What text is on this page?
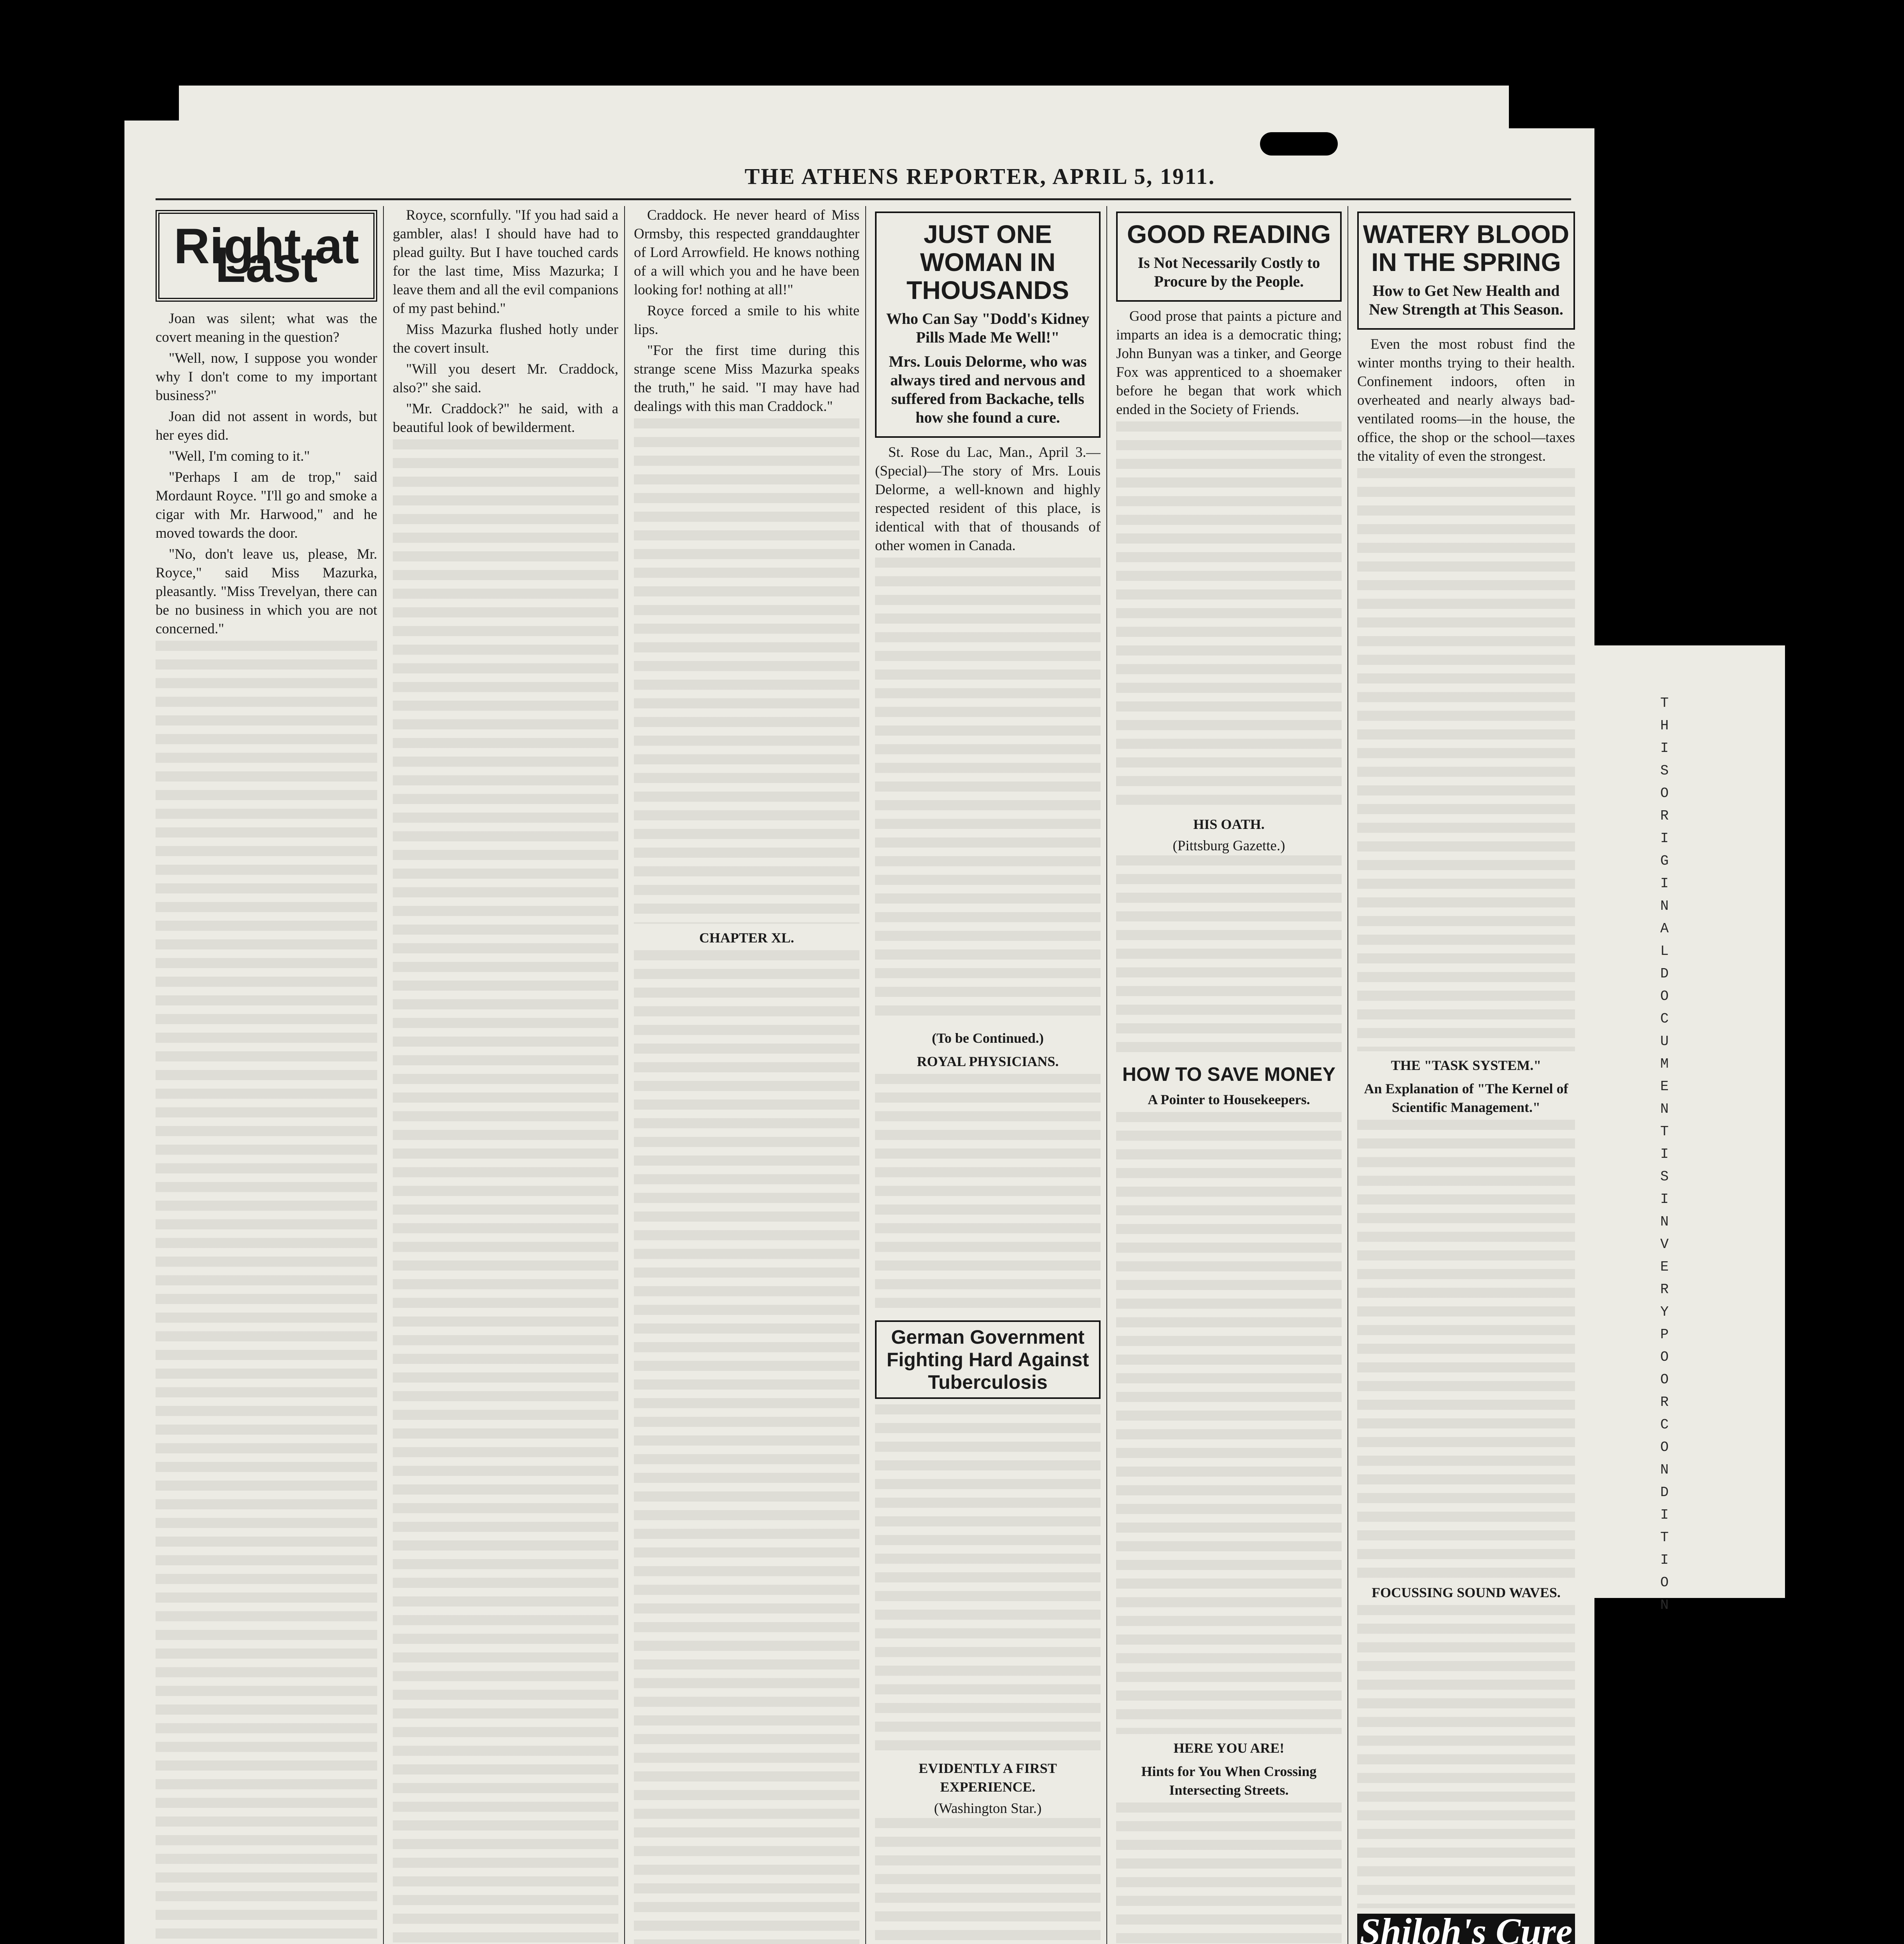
THE ATHENS REPORTER, APRIL 5, 1911.
Right at Last

Joan was silent; what was the covert meaning in the question?

"Well, now, I suppose you wonder why I don't come to my important business?"

Joan did not assent in words, but her eyes did.

"Well, I'm coming to it."

"Perhaps I am de trop," said Mordaunt Royce. "I'll go and smoke a cigar with Mr. Harwood," and he moved towards the door.

"No, don't leave us, please, Mr. Royce," said Miss Mazurka, pleasantly. "Miss Trevelyan, there can be no business in which you are not concerned."

Royce, scornfully. "If you had said a gambler, alas! I should have had to plead guilty. But I have touched cards for the last time, Miss Mazurka; I leave them and all the evil companions of my past behind."

Miss Mazurka flushed hotly under the covert insult.

"Will you desert Mr. Craddock, also?" she said.

"Mr. Craddock?" he said, with a beautiful look of bewilderment.

Craddock. He never heard of Miss Ormsby, this respected granddaughter of Lord Arrowfield. He knows nothing of a will which you and he have been looking for! nothing at all!"

Royce forced a smile to his white lips.

"For the first time during this strange scene Miss Mazurka speaks the truth," he said. "I may have had dealings with this man Craddock."

CHAPTER XL.
JUST ONE WOMAN IN THOUSANDS
Who Can Say "Dodd's Kidney Pills Made Me Well!"
Mrs. Louis Delorme, who was always tired and nervous and suffered from Backache, tells how she found a cure.

St. Rose du Lac, Man., April 3.—(Special)—The story of Mrs. Louis Delorme, a well-known and highly respected resident of this place, is identical with that of thousands of other women in Canada.

(To be Continued.)
ROYAL PHYSICIANS.
German Government Fighting Hard Against Tuberculosis
EVIDENTLY A FIRST EXPERIENCE.
(Washington Star.)
GOOD READING
Is Not Necessarily Costly to Procure by the People.

Good prose that paints a picture and imparts an idea is a democratic thing; John Bunyan was a tinker, and George Fox was apprenticed to a shoemaker before he began that work which ended in the Society of Friends.

HIS OATH.
(Pittsburg Gazette.)
HOW TO SAVE MONEY
A Pointer to Housekeepers.
HERE YOU ARE!
Hints for You When Crossing Intersecting Streets.
WATERY BLOOD IN THE SPRING
How to Get New Health and New Strength at This Season.

Even the most robust find the winter months trying to their health. Confinement indoors, often in overheated and nearly always bad-ventilated rooms—in the house, the office, the shop or the school—taxes the vitality of even the strongest.

THE "TASK SYSTEM."
An Explanation of "The Kernel of Scientific Management."
FOCUSSING SOUND WAVES.
Shiloh's Cure
THIS ORIGINAL DOCUMENT IS IN VERY POOR CONDITION
